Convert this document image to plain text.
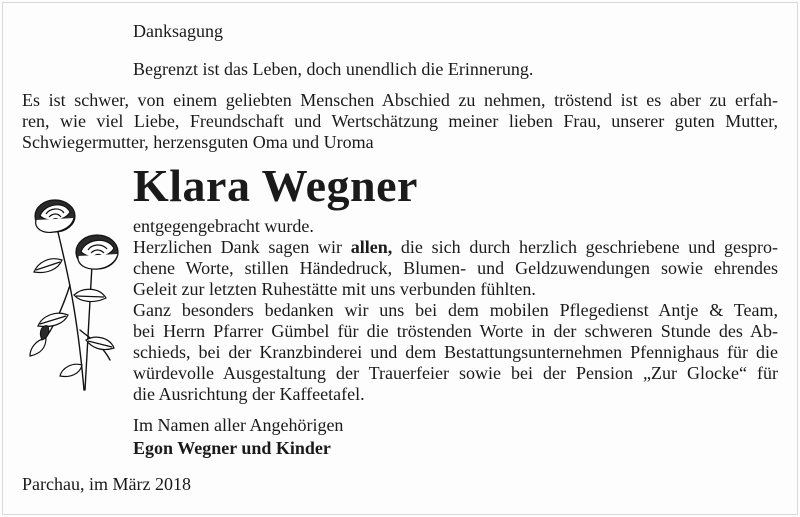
Danksagung
Begrenzt ist das Leben, doch unendlich die Erinnerung.
Es ist schwer, von einem geliebten Menschen Abschied zu nehmen, tröstend ist es aber zu erfah-
ren, wie viel Liebe, Freundschaft und Wertschätzung meiner lieben Frau, unserer guten Mutter,
Schwiegermutter, herzensguten Oma und Uroma
Klara Wegner
entgegengebracht wurde.
Herzlichen Dank sagen wir allen, die sich durch herzlich geschriebene und gespro-
chene Worte, stillen Händedruck, Blumen- und Geldzuwendungen sowie ehrendes
Geleit zur letzten Ruhestätte mit uns verbunden fühlten.
Ganz besonders bedanken wir uns bei dem mobilen Pflegedienst Antje & Team,
bei Herrn Pfarrer Gümbel für die tröstenden Worte in der schweren Stunde des Ab-
schieds, bei der Kranzbinderei und dem Bestattungsunternehmen Pfennighaus für die
würdevolle Ausgestaltung der Trauerfeier sowie bei der Pension „Zur Glocke“ für
die Ausrichtung der Kaffeetafel.
Im Namen aller Angehörigen
Egon Wegner und Kinder
Parchau, im März 2018
